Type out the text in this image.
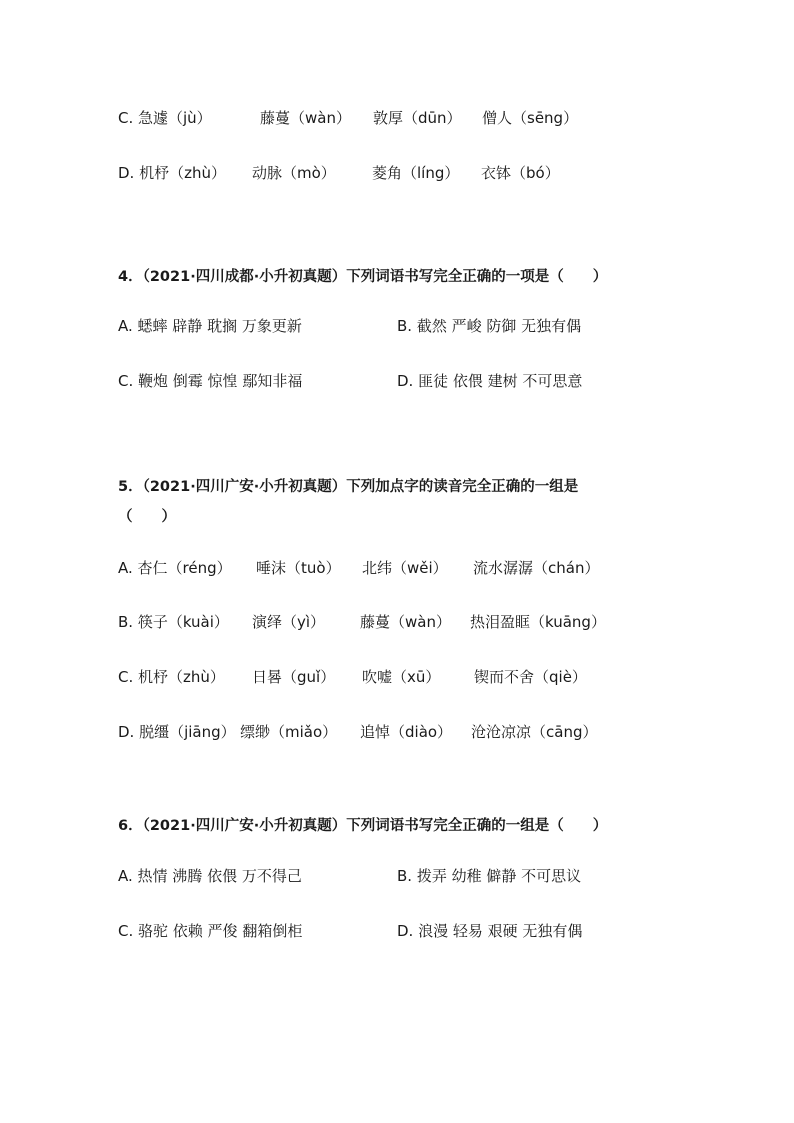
C. 急遽（jù）	藤蔓（wàn） 敦厚（dūn） 僧人（sēng）
D. 机杼（zhù） 动脉（mò） 菱角（líng） 衣钵（bó）
4．（2021·四川成都·小升初真题）下列词语书写完全正确的一项是（　　）
A. 蟋蟀 辟静 耽搁 万象更新	B. 截然 严峻 防御 无独有偶
C. 鞭炮 倒霉 惊惶 鄢知非福	D. 匪徒 依偎 建树 不可思意
5．（2021·四川广安·小升初真题）下列加点字的读音完全正确的一组是
（　　）
A. 杏仁（réng） 唾沫（tuò） 北纬（wěi） 流水潺潺（chán）
B. 筷子（kuài） 演绎（yì） 藤蔓（wàn） 热泪盈眶（kuāng）
C. 机杼（zhù） 日晷（guǐ） 吹嘘（xū） 锲而不舍（qiè）
D. 脱缰（jiāng） 缥缈（miǎo） 追悼（diào） 沧沧凉凉（cāng）
6．（2021·四川广安·小升初真题）下列词语书写完全正确的一组是（　　）
A. 热情 沸腾 依偎 万不得己	B. 拨弄 幼稚 僻静 不可思议
C. 骆驼 依赖 严俊 翻箱倒柜	D. 浪漫 轻易 艰硬 无独有偶
